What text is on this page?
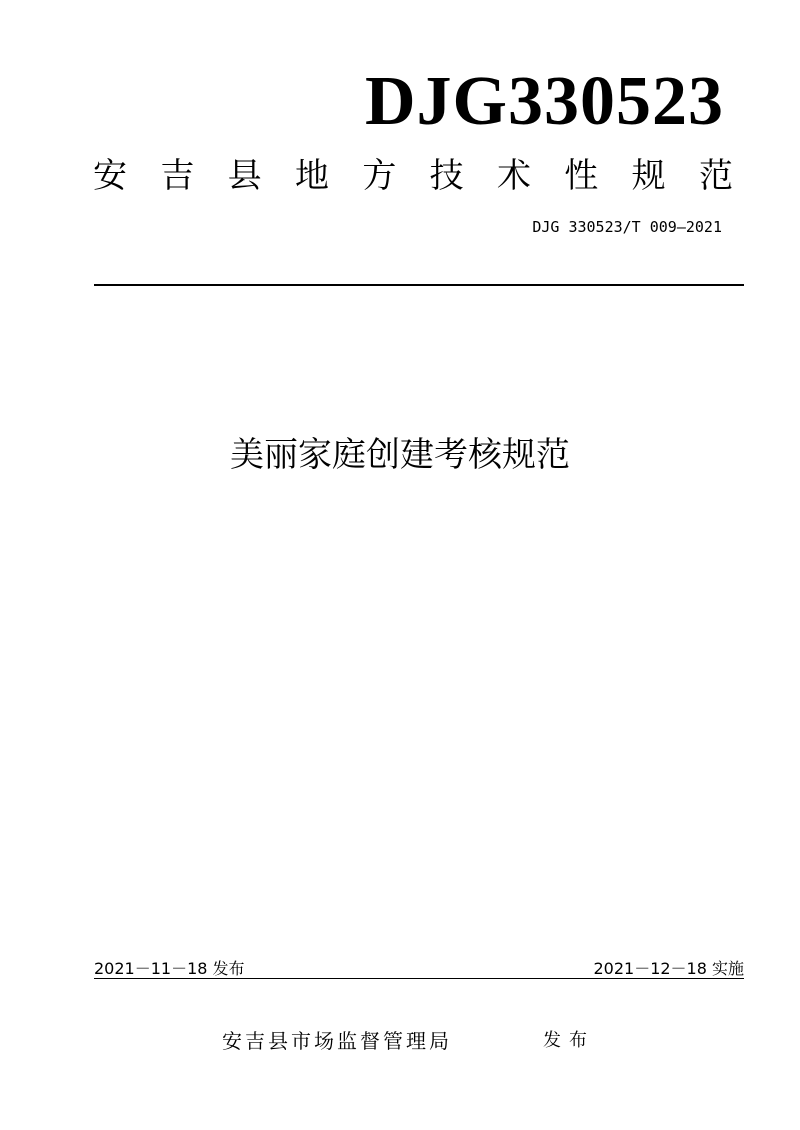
DJG330523
安 吉 县 地 方 技 术 性 规 范
DJG 330523/T 009—2021
美丽家庭创建考核规范
2021－11－18 发布	2021－12－18 实施
安吉县市场监督管理局	发布
